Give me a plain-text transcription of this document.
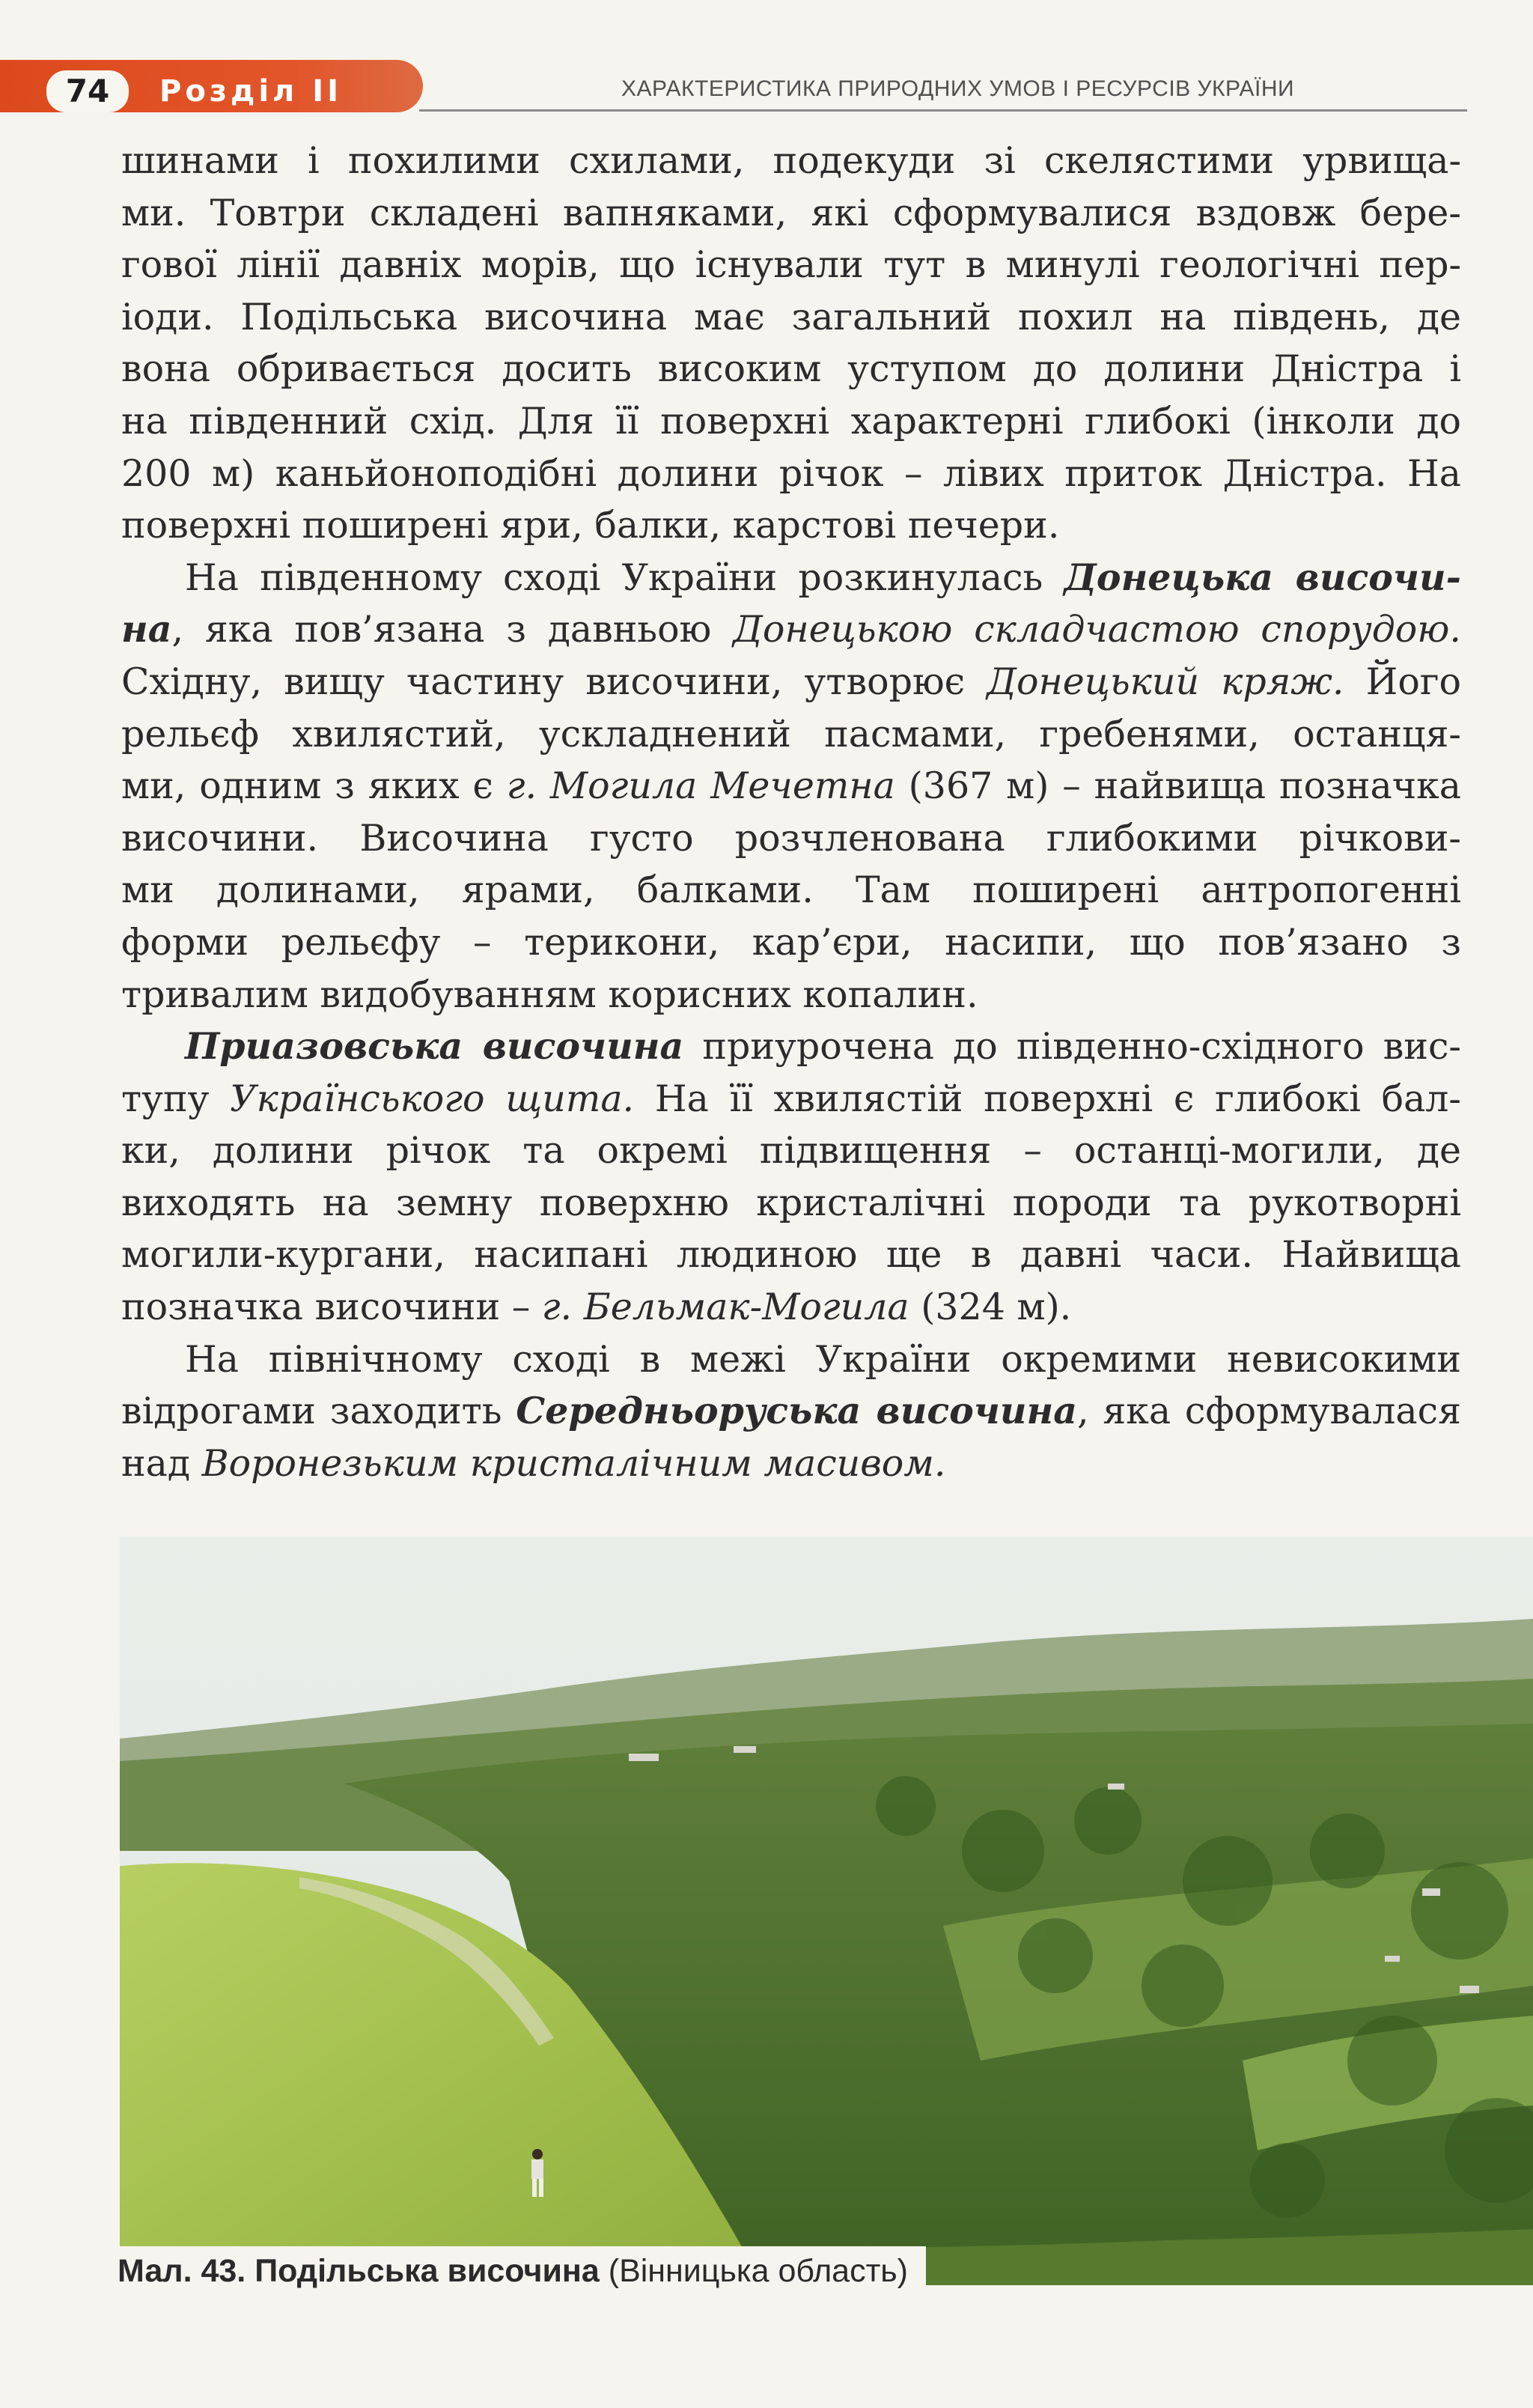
74	Розділ ІІ	ХАРАКТЕРИСТИКА ПРИРОДНИХ УМОВ І РЕСУРСІВ УКРАЇНИ

шинами і похилими схилами, подекуди зі скелястими урвища-
ми. Товтри складені вапняками, які сформувалися вздовж бере-
гової лінії давніх морів, що існували тут в минулі геологічні пер-
іоди. Подільська височина має загальний похил на південь, де
вона обривається досить високим уступом до долини Дністра і
на південний схід. Для її поверхні характерні глибокі (інколи до
200 м) каньйоноподібні долини річок – лівих приток Дністра. На

поверхні поширені яри, балки, карстові печери.

На південному сході України розкинулась Донецька височи-
на, яка пов’язана з давньою Донецькою складчастою спорудою.
Східну, вищу частину височини, утворює Донецький кряж. Його
рельєф хвилястий, ускладнений пасмами, гребенями, останця-
ми, одним з яких є г. Могила Мечетна (367 м) – найвища позначка
височини. Височина густо розчленована глибокими річкови-
ми долинами, ярами, балками. Там поширені антропогенні
форми рельєфу – терикони, кар’єри, насипи, що пов’язано з

тривалим видобуванням корисних копалин.

Приазовська височина приурочена до південно-східного вис-
тупу Українського щита. На її хвилястій поверхні є глибокі бал-
ки, долини річок та окремі підвищення – останці-могили, де
виходять на земну поверхню кристалічні породи та рукотворні
могили-кургани, насипані людиною ще в давні часи. Найвища

позначка височини – г. Бельмак-Могила (324 м).

На північному сході в межі України окремими невисокими
відрогами заходить Середньоруська височина, яка сформувалася

над Воронезьким кристалічним масивом.

Мал. 43. Подільська височина (Вінницька область)
